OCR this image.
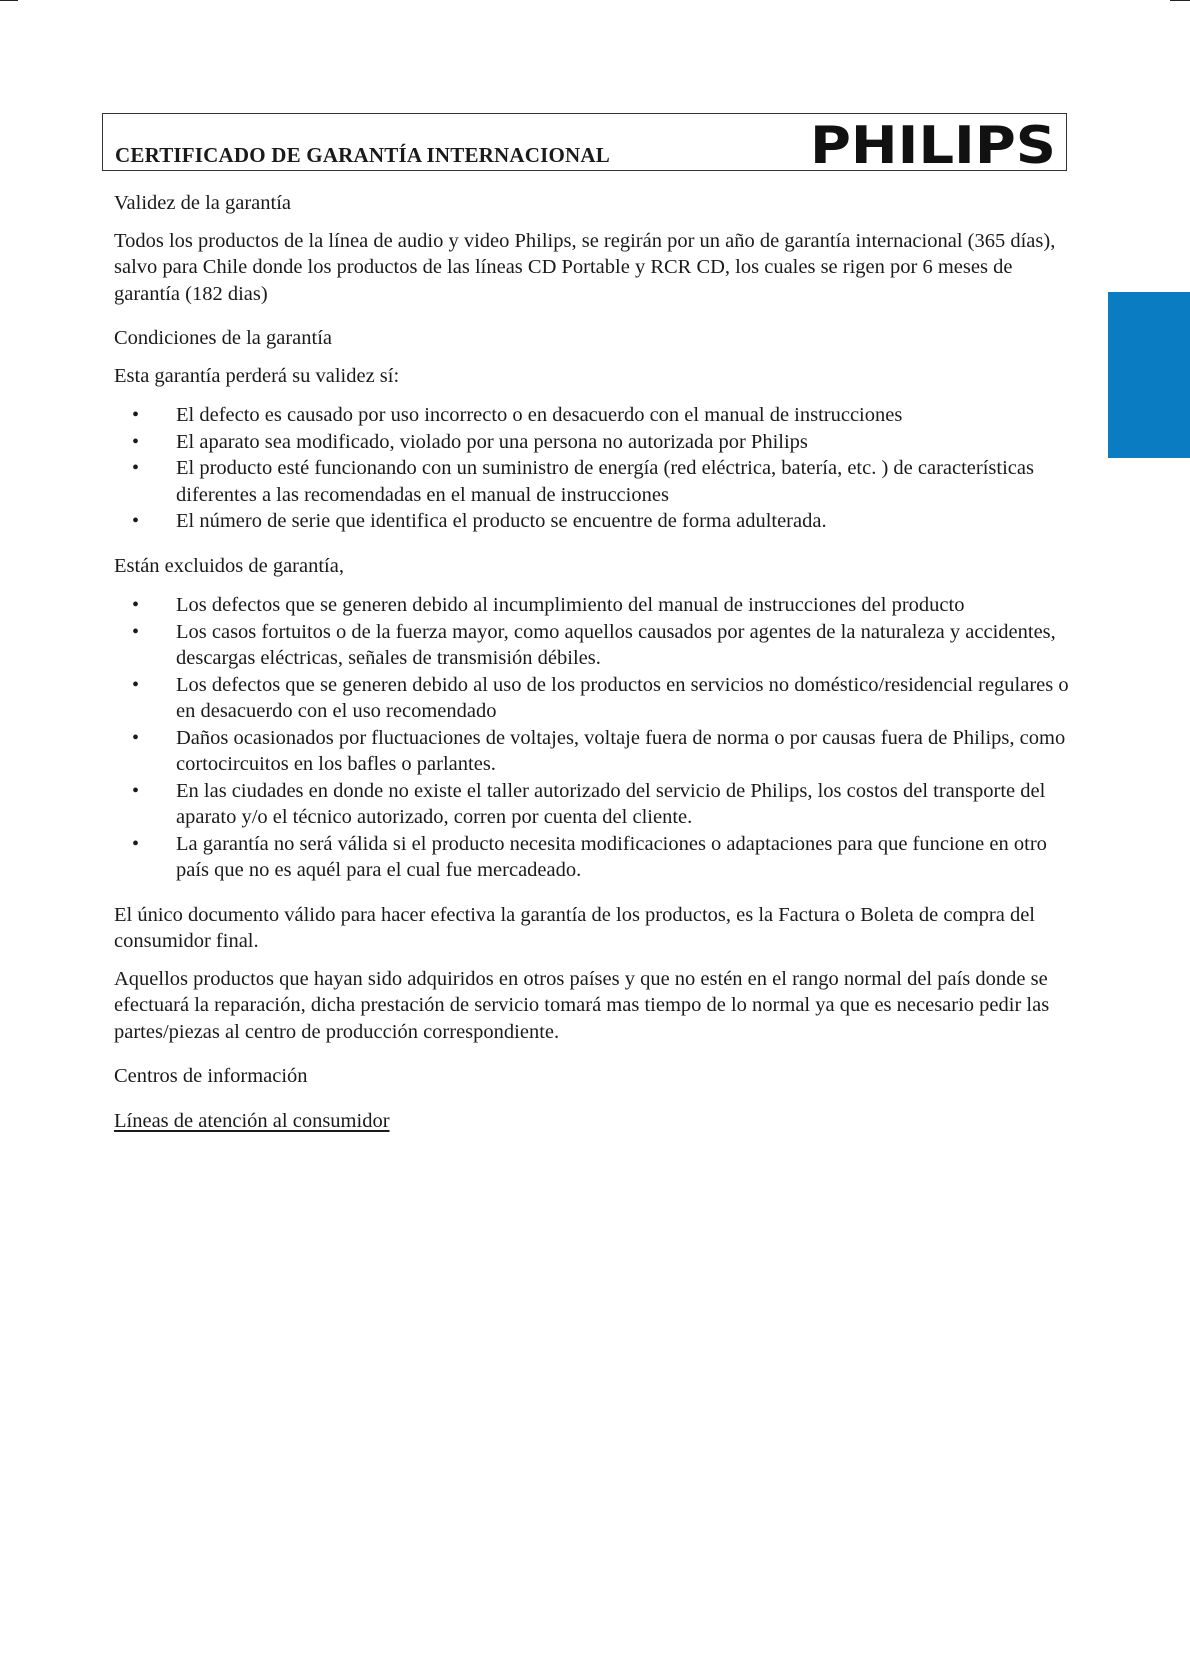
CERTIFICADO DE GARANTÍA INTERNACIONAL	PHILIPS

Validez de la garantía

Todos los productos de la línea de audio y video Philips, se regirán por un año de garantía internacional (365 días), salvo para Chile donde los productos de las líneas CD Portable y RCR CD, los cuales se rigen por 6 meses de garantía (182 dias)

Condiciones de la garantía

Esta garantía perderá su validez sí:

• El defecto es causado por uso incorrecto o en desacuerdo con el manual de instrucciones
• El aparato sea modificado, violado por una persona no autorizada por Philips
• El producto esté funcionando con un suministro de energía (red eléctrica, batería, etc. ) de características diferentes a las recomendadas en el manual de instrucciones
• El número de serie que identifica el producto se encuentre de forma adulterada.

Están excluidos de garantía,

• Los defectos que se generen debido al incumplimiento del manual de instrucciones del producto
• Los casos fortuitos o de la fuerza mayor, como aquellos causados por agentes de la naturaleza y accidentes, descargas eléctricas, señales de transmisión débiles.
• Los defectos que se generen debido al uso de los productos en servicios no doméstico/residencial regulares o en desacuerdo con el uso recomendado
• Daños ocasionados por fluctuaciones de voltajes, voltaje fuera de norma o por causas fuera de Philips, como cortocircuitos en los bafles o parlantes.
• En las ciudades en donde no existe el taller autorizado del servicio de Philips, los costos del transporte del aparato y/o el técnico autorizado, corren por cuenta del cliente.
• La garantía no será válida si el producto necesita modificaciones o adaptaciones para que funcione en otro país que no es aquél para el cual fue mercadeado.

El único documento válido para hacer efectiva la garantía de los productos, es la Factura o Boleta de compra del consumidor final.

Aquellos productos que hayan sido adquiridos en otros países y que no estén en el rango normal del país donde se efectuará la reparación, dicha prestación de servicio tomará mas tiempo de lo normal ya que es necesario pedir las partes/piezas al centro de producción correspondiente.

Centros de información

Líneas de atención al consumidor
